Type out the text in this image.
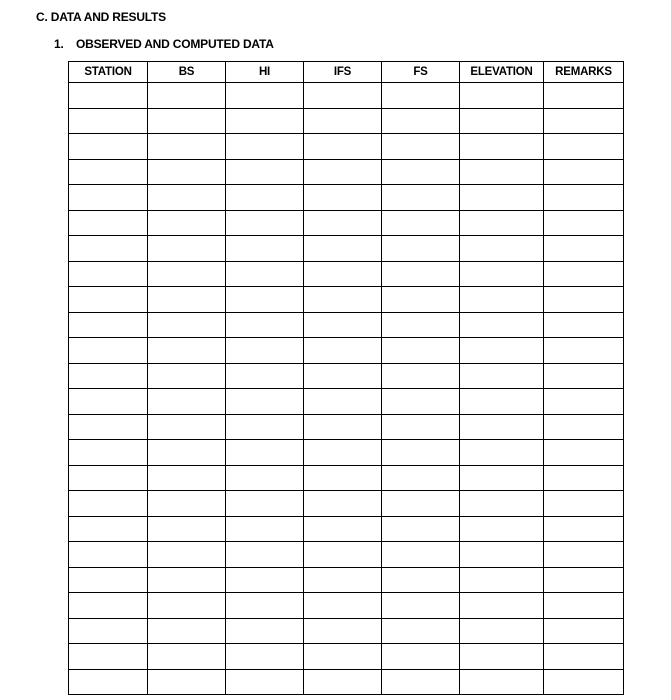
C. DATA AND RESULTS
1. OBSERVED AND COMPUTED DATA
STATION	BS	HI	IFS	FS	ELEVATION	REMARKS
